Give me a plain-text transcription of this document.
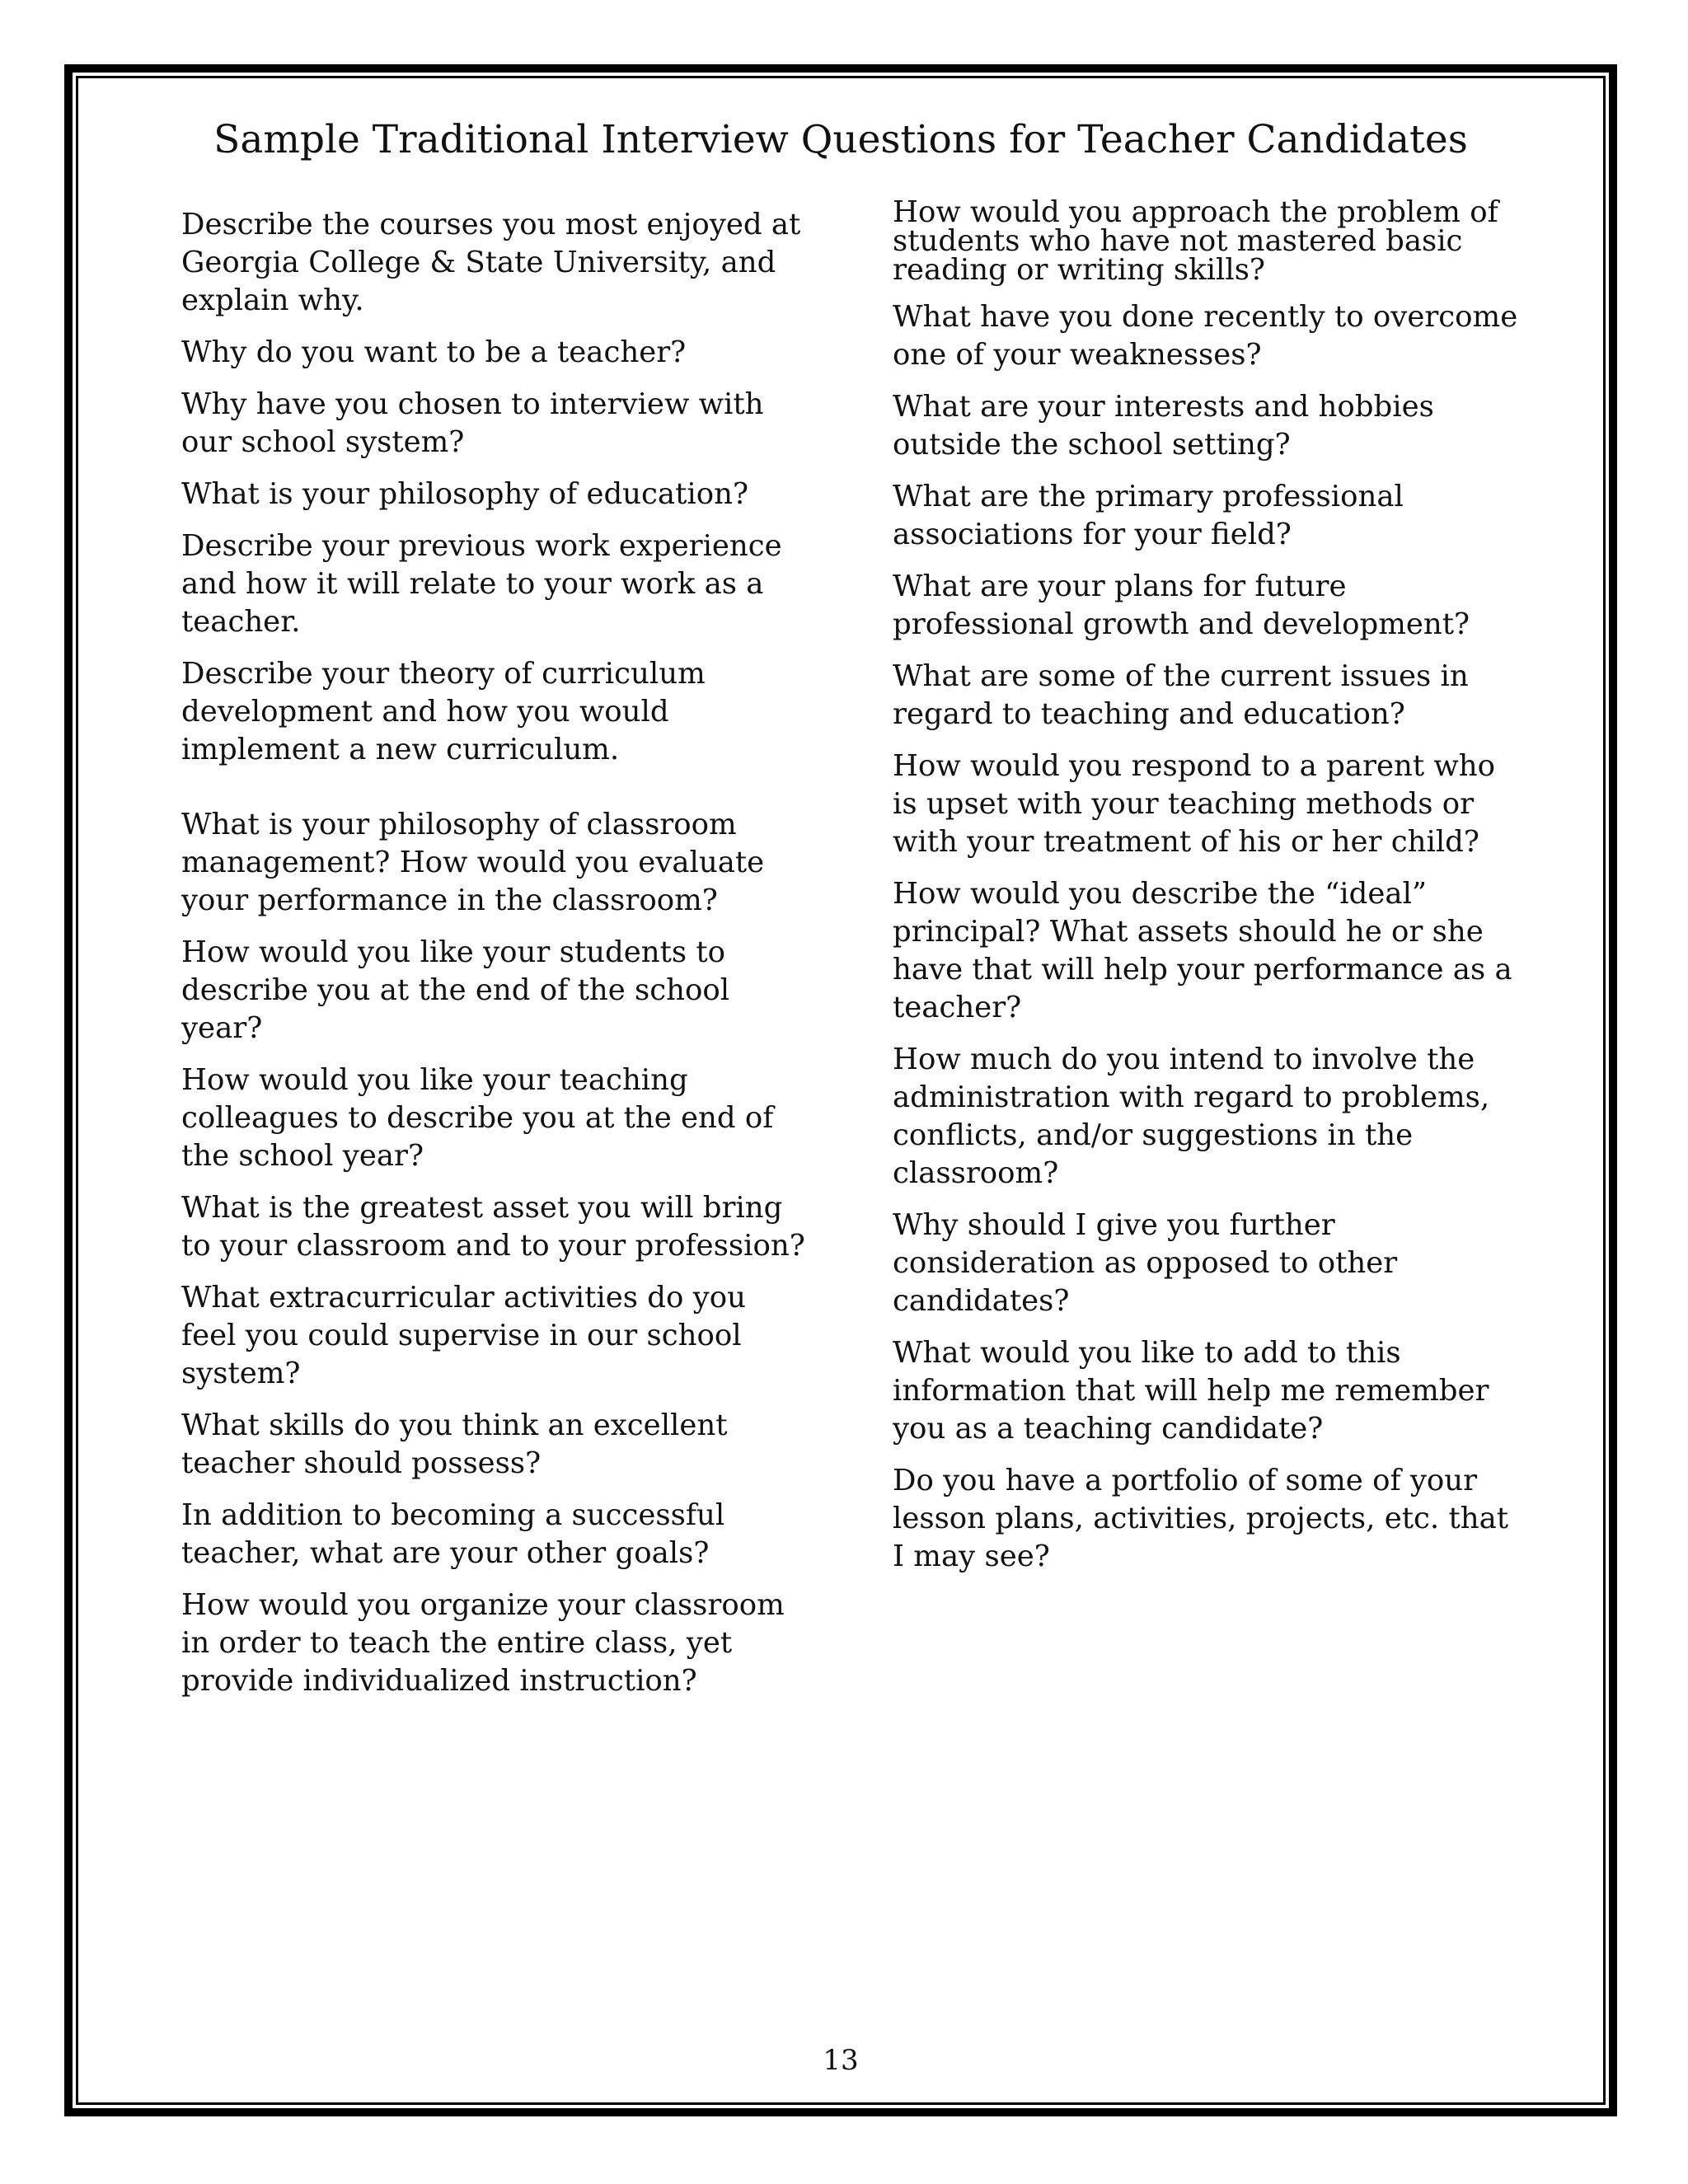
Sample Traditional Interview Questions for Teacher Candidates

Describe the courses you most enjoyed at Georgia College & State University, and explain why.

Why do you want to be a teacher?

Why have you chosen to interview with our school system?

What is your philosophy of education?

Describe your previous work experience and how it will relate to your work as a teacher.

Describe your theory of curriculum development and how you would implement a new curriculum.

What is your philosophy of classroom management? How would you evaluate your performance in the classroom?

How would you like your students to describe you at the end of the school year?

How would you like your teaching colleagues to describe you at the end of the school year?

What is the greatest asset you will bring to your classroom and to your profession?

What extracurricular activities do you feel you could supervise in our school system?

What skills do you think an excellent teacher should possess?

In addition to becoming a successful teacher, what are your other goals?

How would you organize your classroom in order to teach the entire class, yet provide individualized instruction?

How would you approach the problem of students who have not mastered basic reading or writing skills?

What have you done recently to overcome one of your weaknesses?

What are your interests and hobbies outside the school setting?

What are the primary professional associations for your field?

What are your plans for future professional growth and development?

What are some of the current issues in regard to teaching and education?

How would you respond to a parent who is upset with your teaching methods or with your treatment of his or her child?

How would you describe the “ideal” principal? What assets should he or she have that will help your performance as a teacher?

How much do you intend to involve the administration with regard to problems, conflicts, and/or suggestions in the classroom?

Why should I give you further consideration as opposed to other candidates?

What would you like to add to this information that will help me remember you as a teaching candidate?

Do you have a portfolio of some of your lesson plans, activities, projects, etc. that I may see?

13
